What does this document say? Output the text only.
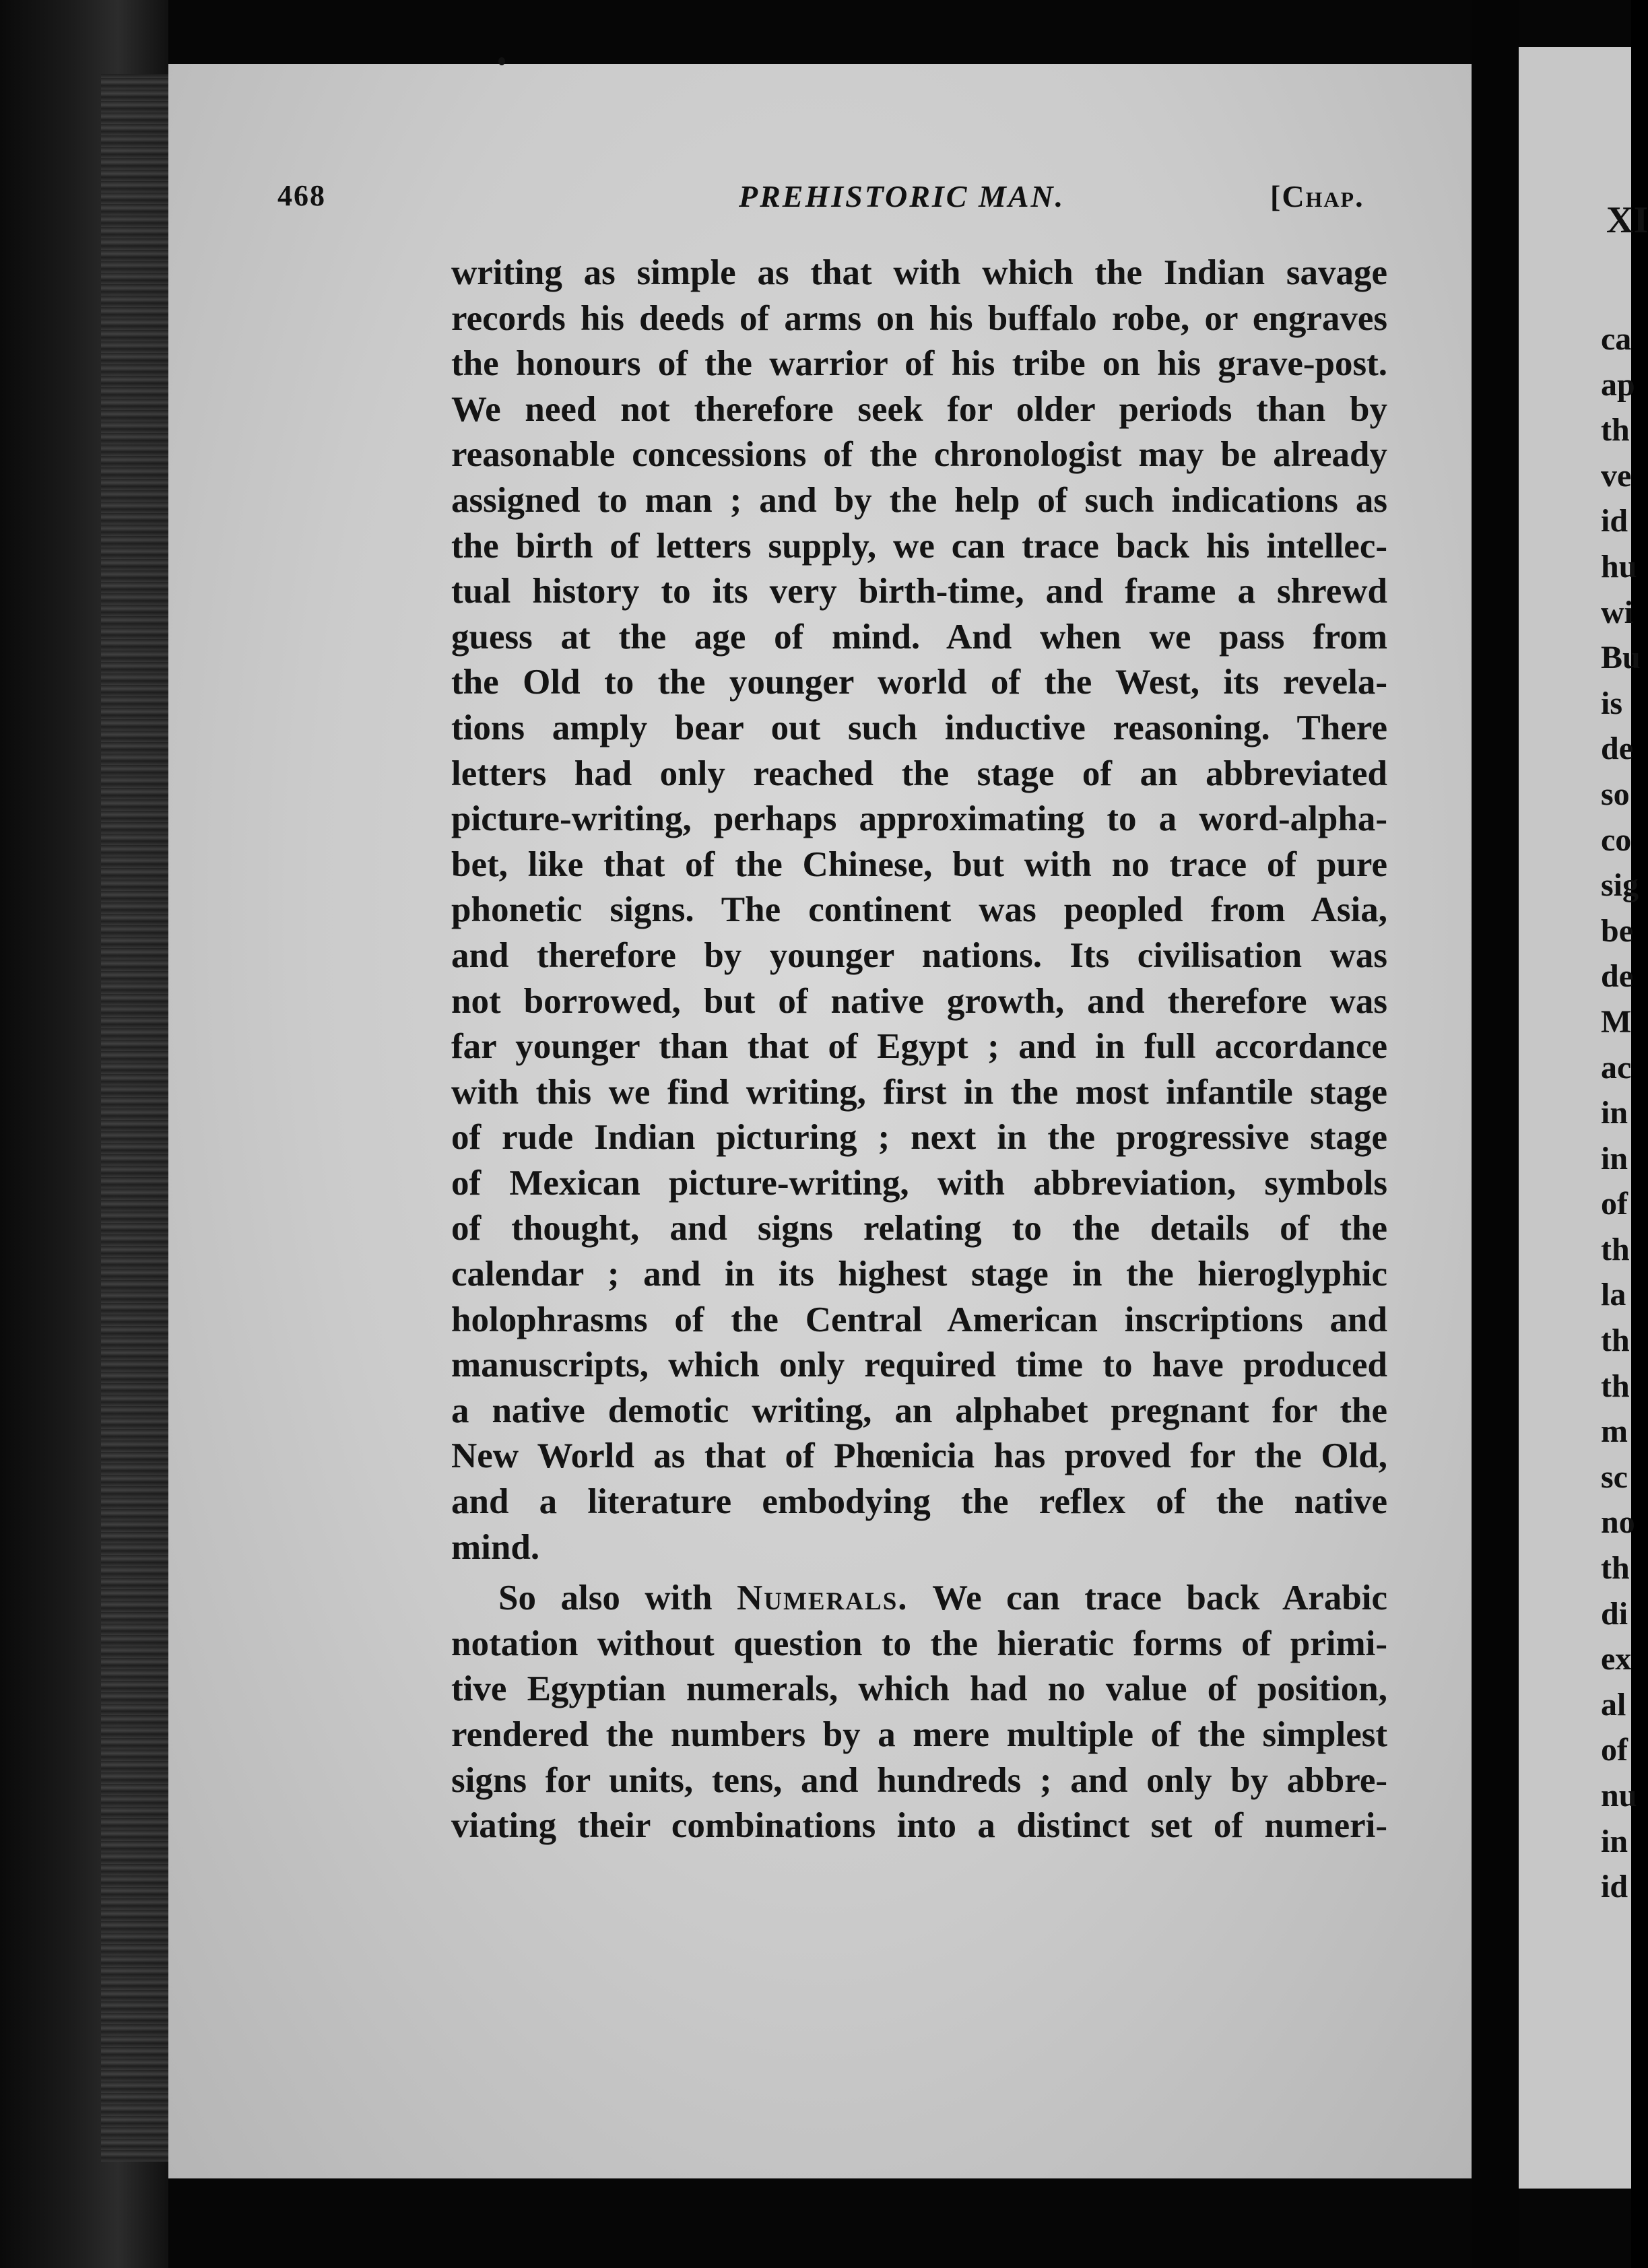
XI
ca
ap
th
ve
id
hu
wi
Bu
is
de
so
co
sig
be
de
M
ac
in
in
of
th
la
th
th
m
sc
no
th
di
ex
al
of
nu
in
id
468	PREHISTORIC MAN.	[Chap.
writing as simple as that with which the Indian savage
records his deeds of arms on his buffalo robe, or engraves
the honours of the warrior of his tribe on his grave-post.
We need not therefore seek for older periods than by
reasonable concessions of the chronologist may be already
assigned to man ; and by the help of such indications as
the birth of letters supply, we can trace back his intellec-
tual history to its very birth-time, and frame a shrewd
guess at the age of mind. And when we pass from
the Old to the younger world of the West, its revela-
tions amply bear out such inductive reasoning. There
letters had only reached the stage of an abbreviated
picture-writing, perhaps approximating to a word-alpha-
bet, like that of the Chinese, but with no trace of pure
phonetic signs. The continent was peopled from Asia,
and therefore by younger nations. Its civilisation was
not borrowed, but of native growth, and therefore was
far younger than that of Egypt ; and in full accordance
with this we find writing, first in the most infantile stage
of rude Indian picturing ; next in the progressive stage
of Mexican picture-writing, with abbreviation, symbols
of thought, and signs relating to the details of the
calendar ; and in its highest stage in the hieroglyphic
holophrasms of the Central American inscriptions and
manuscripts, which only required time to have produced
a native demotic writing, an alphabet pregnant for the
New World as that of Phœnicia has proved for the Old,
and a literature embodying the reflex of the native
mind.
So also with Numerals. We can trace back Arabic
notation without question to the hieratic forms of primi-
tive Egyptian numerals, which had no value of position,
rendered the numbers by a mere multiple of the simplest
signs for units, tens, and hundreds ; and only by abbre-
viating their combinations into a distinct set of numeri-
